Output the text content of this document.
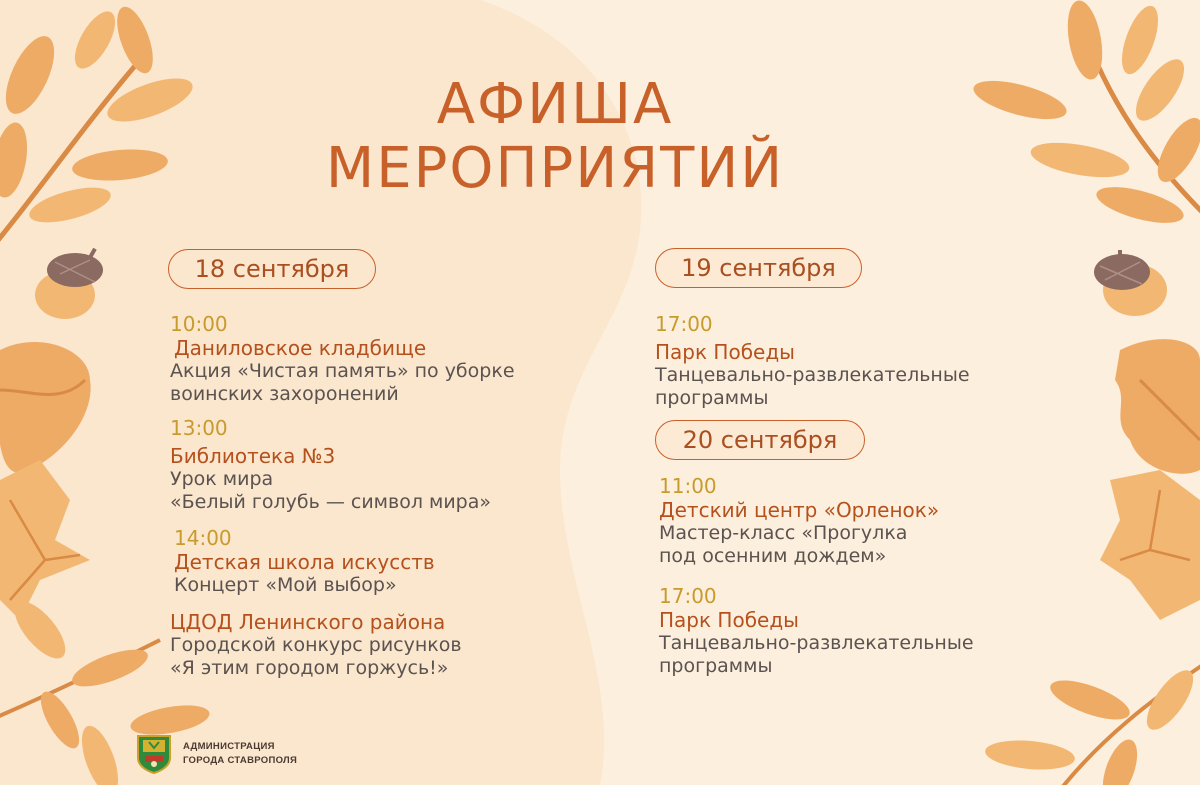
АФИША
МЕРОПРИЯТИЙ
18 сентября
10:00
Даниловское кладбище
Акция «Чистая память» по уборке
воинских захоронений
13:00
Библиотека №3
Урок мира
«Белый голубь — символ мира»
14:00
Детская школа искусств
Концерт «Мой выбор»
ЦДОД Ленинского района
Городской конкурс рисунков
«Я этим городом горжусь!»
19 сентября
17:00
Парк Победы
Танцевально-развлекательные
программы
20 сентября
11:00
Детский центр «Орленок»
Мастер-класс «Прогулка
под осенним дождем»
17:00
Парк Победы
Танцевально-развлекательные
программы
АДМИНИСТРАЦИЯ
ГОРОДА СТАВРОПОЛЯ
